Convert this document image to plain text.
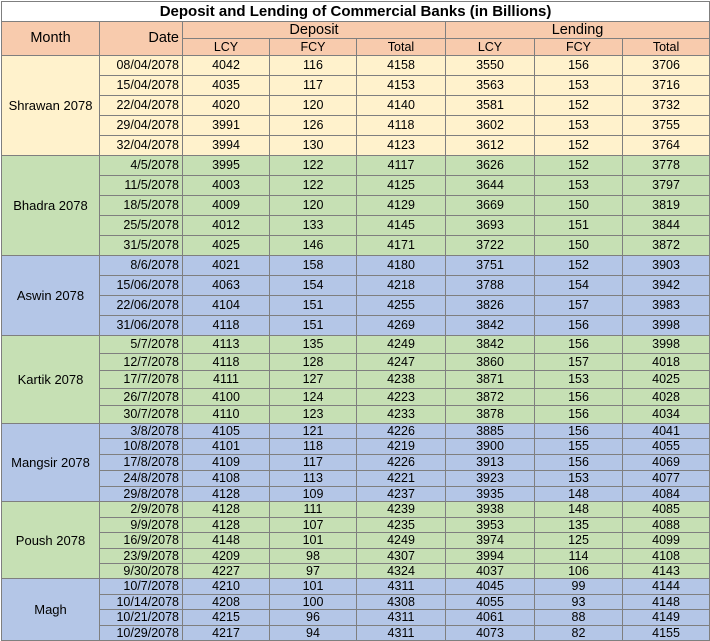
Deposit and Lending of Commercial Banks (in Billions)							
Month	Date	Deposit			Lending		
		LCY	FCY	Total	LCY	FCY	Total
Shrawan 2078	08/04/2078	4042	116	4158	3550	156	3706
	15/04/2078	4035	117	4153	3563	153	3716
	22/04/2078	4020	120	4140	3581	152	3732
	29/04/2078	3991	126	4118	3602	153	3755
	32/04/2078	3994	130	4123	3612	152	3764
Bhadra 2078	4/5/2078	3995	122	4117	3626	152	3778
	11/5/2078	4003	122	4125	3644	153	3797
	18/5/2078	4009	120	4129	3669	150	3819
	25/5/2078	4012	133	4145	3693	151	3844
	31/5/2078	4025	146	4171	3722	150	3872
Aswin 2078	8/6/2078	4021	158	4180	3751	152	3903
	15/06/2078	4063	154	4218	3788	154	3942
	22/06/2078	4104	151	4255	3826	157	3983
	31/06/2078	4118	151	4269	3842	156	3998
Kartik 2078	5/7/2078	4113	135	4249	3842	156	3998
	12/7/2078	4118	128	4247	3860	157	4018
	17/7/2078	4111	127	4238	3871	153	4025
	26/7/2078	4100	124	4223	3872	156	4028
	30/7/2078	4110	123	4233	3878	156	4034
Mangsir 2078	3/8/2078	4105	121	4226	3885	156	4041
	10/8/2078	4101	118	4219	3900	155	4055
	17/8/2078	4109	117	4226	3913	156	4069
	24/8/2078	4108	113	4221	3923	153	4077
	29/8/2078	4128	109	4237	3935	148	4084
Poush 2078	2/9/2078	4128	111	4239	3938	148	4085
	9/9/2078	4128	107	4235	3953	135	4088
	16/9/2078	4148	101	4249	3974	125	4099
	23/9/2078	4209	98	4307	3994	114	4108
	9/30/2078	4227	97	4324	4037	106	4143
Magh	10/7/2078	4210	101	4311	4045	99	4144
	10/14/2078	4208	100	4308	4055	93	4148
	10/21/2078	4215	96	4311	4061	88	4149
	10/29/2078	4217	94	4311	4073	82	4155
